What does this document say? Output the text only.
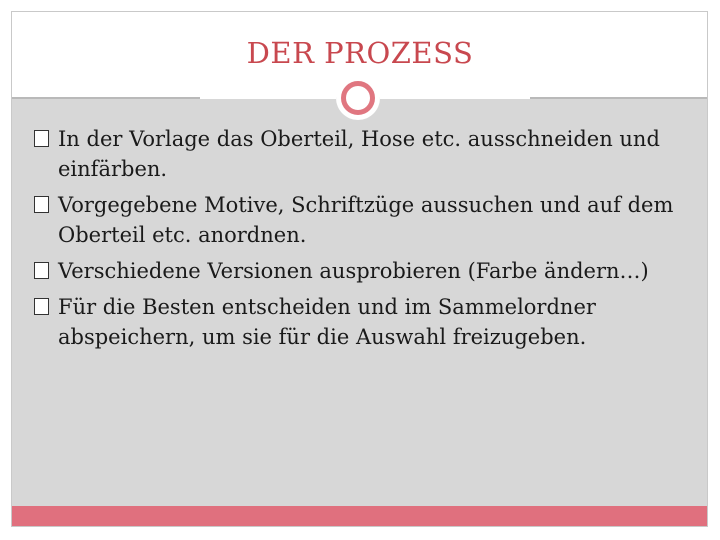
DER PROZESS
In der Vorlage das Oberteil, Hose etc. ausschneiden und einfärben.
Vorgegebene Motive, Schriftzüge aussuchen und auf dem Oberteil etc. anordnen.
Verschiedene Versionen ausprobieren (Farbe ändern…)
Für die Besten entscheiden und im Sammelordner abspeichern, um sie für die Auswahl freizugeben.
